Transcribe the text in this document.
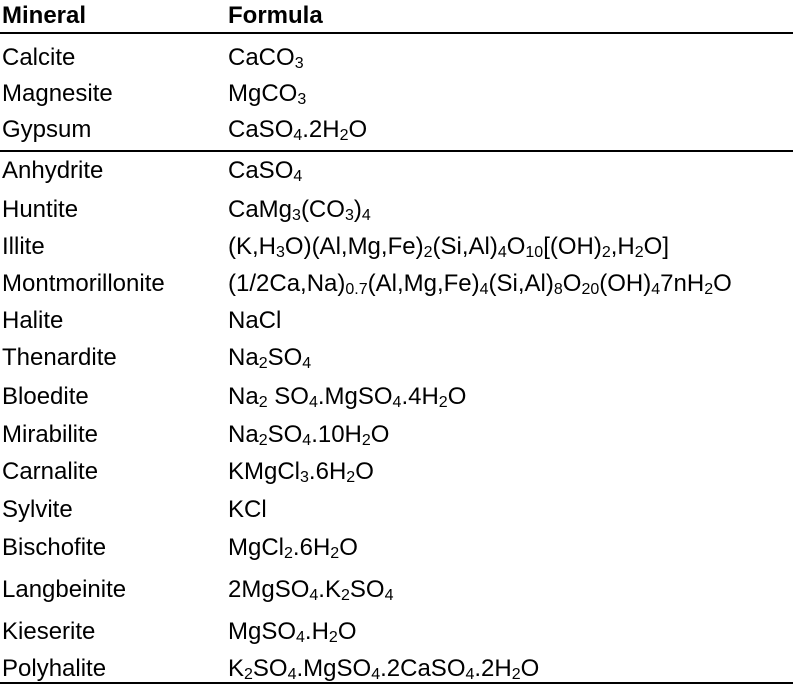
Mineral	Formula
Calcite	CaCO$_3$
Magnesite	MgCO$_3$
Gypsum	$CaSO_4.2H_2O$
Anhydrite	CaSO$_4$
Huntite	$CaMg_3(CO_3)_4$
Illite	$(K,H_3O)(Al,Mg,Fe)_2(Si,Al)_4O_{10}[(OH)_2,H_2O]$
Montmorillonite	$(1/2Ca,Na)_{0.7}(Al,Mg,Fe)_4(Si,Al)_8O_{20}(OH)_47nH_2O$
Halite	NaCl
Thenardite	$Na_2SO_4$
Bloedite	$Na_2$ $SO_4.MgSO_4.4H_2O$
Mirabilite	$Na_2SO_4.10H_2O$
Carnalite	$KMgCl_3.6H_2O$
Sylvite	KCl
Bischofite	$MgCl_2.6H_2O$
Langbeinite	$2MgSO_4.K_2SO_4$
Kieserite	$MgSO_4.H_2O$
Polyhalite	$K_2SO_4.MgSO_4.2CaSO_4.2H_2O$
